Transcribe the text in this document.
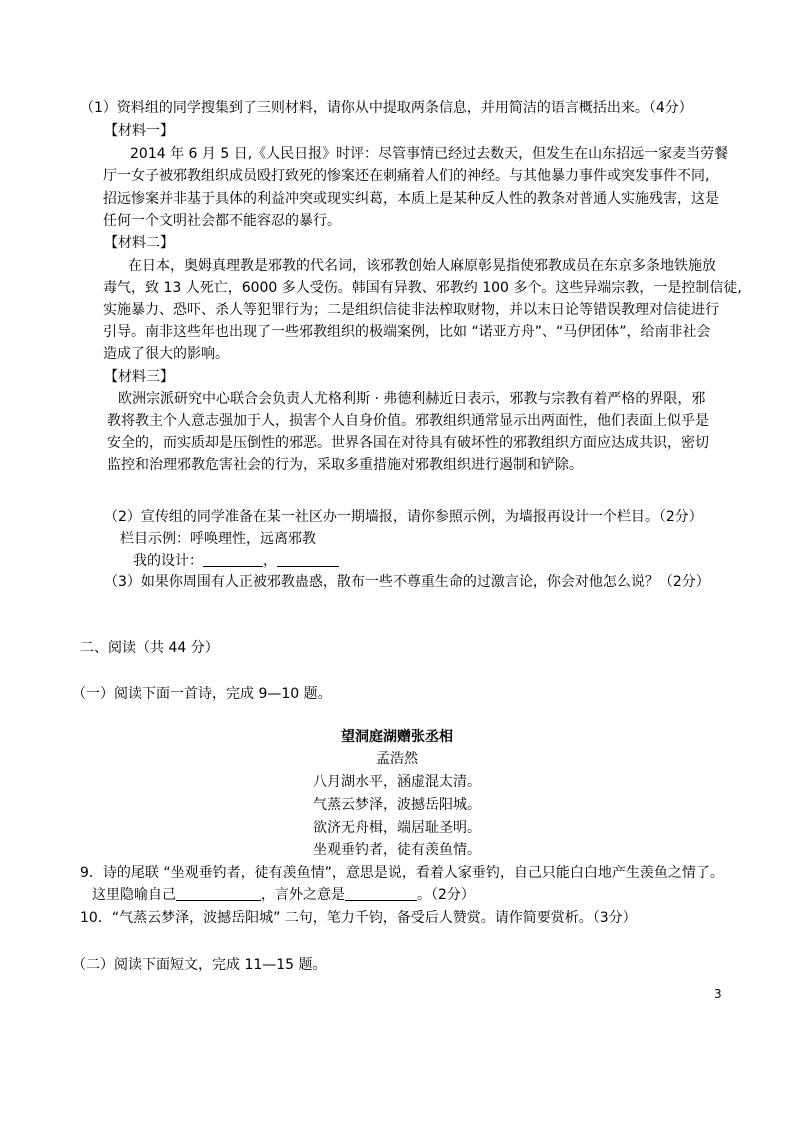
（1）资料组的同学搜集到了三则材料，请你从中提取两条信息，并用简洁的语言概括出来。（4分）
【材料一】
2014 年 6 月 5 日,《人民日报》时评：尽管事情已经过去数天，但发生在山东招远一家麦当劳餐
厅一女子被邪教组织成员殴打致死的惨案还在刺痛着人们的神经。与其他暴力事件或突发事件不同,
招远惨案并非基于具体的利益冲突或现实纠葛，本质上是某种反人性的教条对普通人实施残害，这是
任何一个文明社会都不能容忍的暴行。
【材料二】
在日本，奥姆真理教是邪教的代名词，该邪教创始人麻原彰晃指使邪教成员在东京多条地铁施放
毒气，致 13 人死亡，6000 多人受伤。韩国有异教、邪教约 100 多个。这些异端宗教，一是控制信徒,
实施暴力、恐吓、杀人等犯罪行为；二是组织信徒非法榨取财物，并以末日论等错误教理对信徒进行
引导。南非这些年也出现了一些邪教组织的极端案例，比如 “诺亚方舟”、“马伊团体”，给南非社会
造成了很大的影响。
【材料三】
欧洲宗派研究中心联合会负责人尤格利斯 · 弗德利赫近日表示，邪教与宗教有着严格的界限，邪
教将教主个人意志强加于人，损害个人自身价值。邪教组织通常显示出两面性，他们表面上似乎是
安全的，而实质却是压倒性的邪恶。世界各国在对待具有破坏性的邪教组织方面应达成共识，密切
监控和治理邪教危害社会的行为，采取多重措施对邪教组织进行遏制和铲除。
（2）宣传组的同学准备在某一社区办一期墙报，请你参照示例，为墙报再设计一个栏目。（2分）
栏目示例：呼唤理性，远离邪教
我的设计：	，
（3）如果你周围有人正被邪教蛊惑，散布一些不尊重生命的过激言论，你会对他怎么说？（2分）
二、阅读（共 44 分）
（一）阅读下面一首诗，完成 9—10 题。
望洞庭湖赠张丞相
孟浩然
八月湖水平，涵虚混太清。
气蒸云梦泽，波撼岳阳城。
欲济无舟楫，端居耻圣明。
坐观垂钓者，徒有羡鱼情。
9．诗的尾联 “坐观垂钓者，徒有羡鱼情”，意思是说，看着人家垂钓，自己只能白白地产生羡鱼之情了。
这里隐喻自己	，言外之意是	。（2分）
10．“气蒸云梦泽，波撼岳阳城” 二句，笔力千钧，备受后人赞赏。请作简要赏析。（3分）
（二）阅读下面短文，完成 11—15 题。
3
